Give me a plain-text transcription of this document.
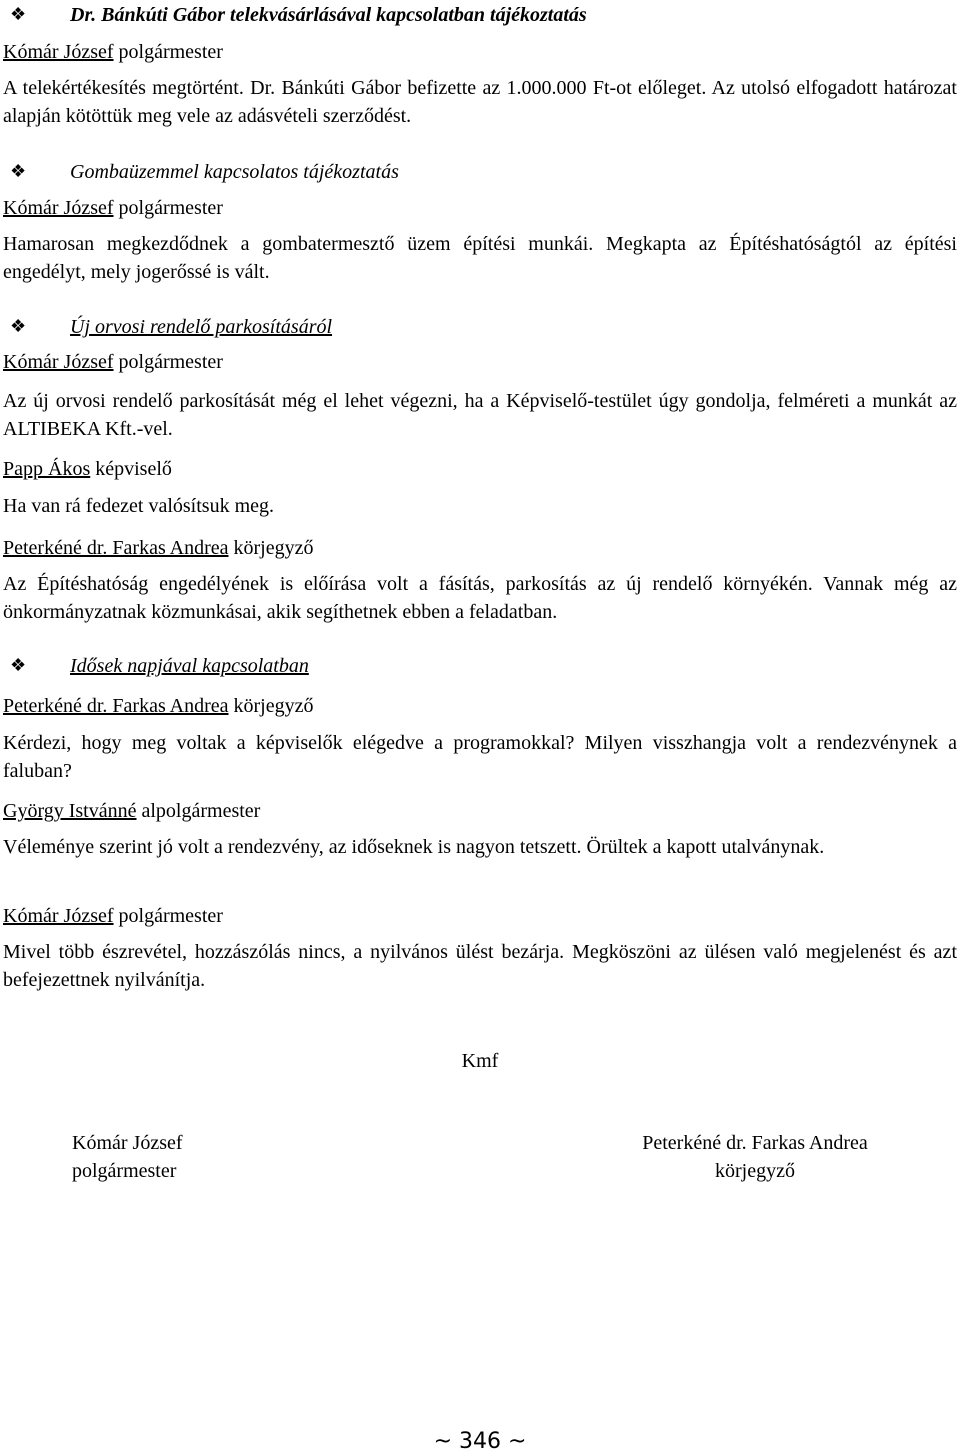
❖ Dr. Bánkúti Gábor telekvásárlásával kapcsolatban tájékoztatás
Kómár József polgármester

A telekértékesítés megtörtént. Dr. Bánkúti Gábor befizette az 1.000.000 Ft-ot előleget. Az utolsó elfogadott határozat alapján kötöttük meg vele az adásvételi szerződést.

❖ Gombaüzemmel kapcsolatos tájékoztatás
Kómár József polgármester

Hamarosan megkezdődnek a gombatermesztő üzem építési munkái. Megkapta az Építéshatóságtól az építési engedélyt, mely jogerőssé is vált.

❖ Új orvosi rendelő parkosításáról
Kómár József polgármester

Az új orvosi rendelő parkosítását még el lehet végezni, ha a Képviselő-testület úgy gondolja, felméreti a munkát az ALTIBEKA Kft.-vel.

Papp Ákos képviselő

Ha van rá fedezet valósítsuk meg.

Peterkéné dr. Farkas Andrea körjegyző

Az Építéshatóság engedélyének is előírása volt a fásítás, parkosítás az új rendelő környékén. Vannak még az önkormányzatnak közmunkásai, akik segíthetnek ebben a feladatban.

❖ Idősek napjával kapcsolatban
Peterkéné dr. Farkas Andrea körjegyző

Kérdezi, hogy meg voltak a képviselők elégedve a programokkal? Milyen visszhangja volt a rendezvénynek a faluban?

György Istvánné alpolgármester

Véleménye szerint jó volt a rendezvény, az időseknek is nagyon tetszett. Örültek a kapott utalványnak.

Kómár József polgármester

Mivel több észrevétel, hozzászólás nincs, a nyilvános ülést bezárja. Megköszöni az ülésen való megjelenést és azt befejezettnek nyilvánítja.

Kmf
Kómár József
polgármester
Peterkéné dr. Farkas Andrea
körjegyző
~ 346 ~
